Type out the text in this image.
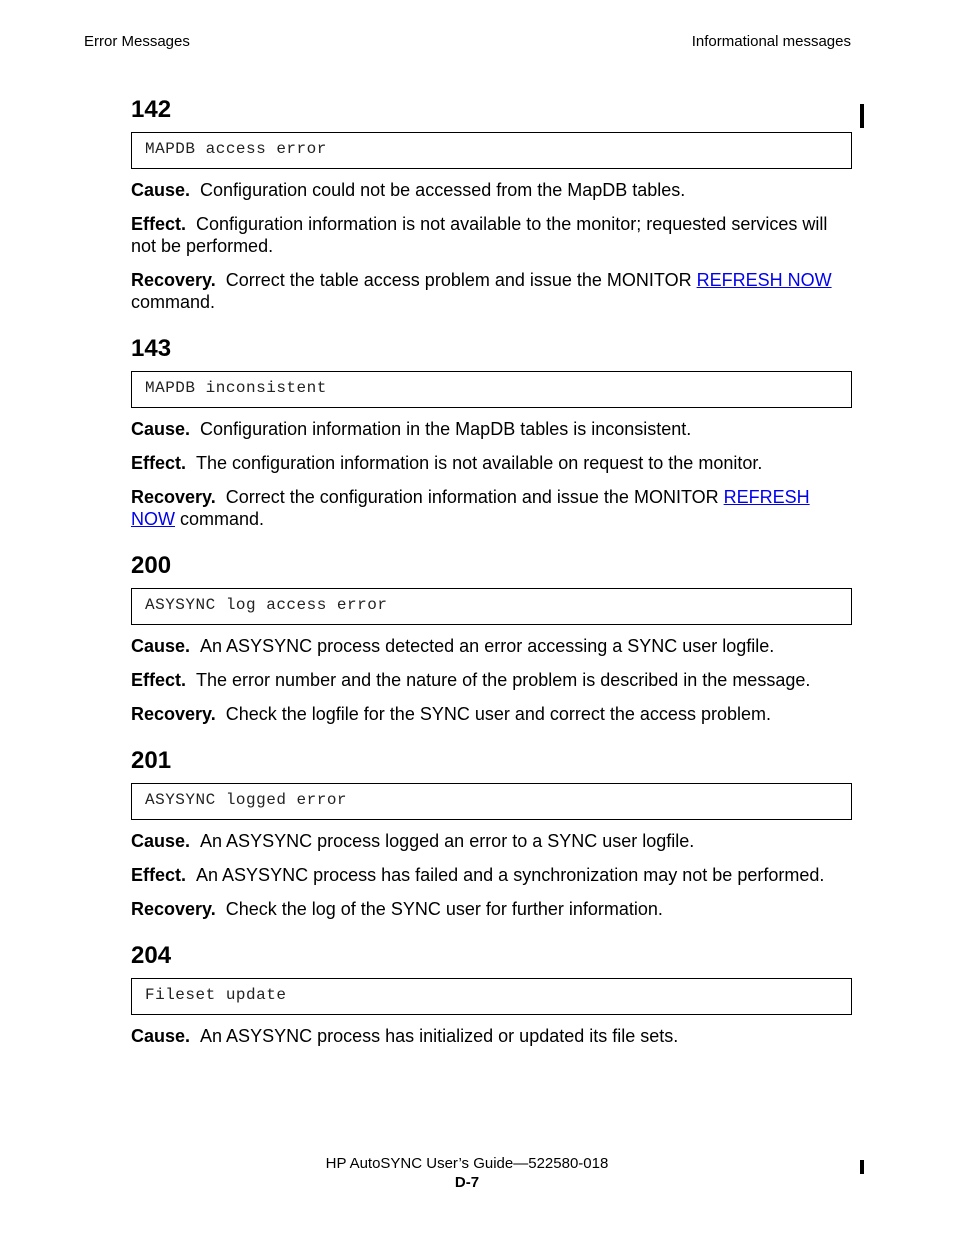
Error Messages	Informational messages
142
MAPDB access error

Cause. Configuration could not be accessed from the MapDB tables.

Effect. Configuration information is not available to the monitor; requested services will not be performed.

Recovery. Correct the table access problem and issue the MONITOR REFRESH NOW command.

143
MAPDB inconsistent

Cause. Configuration information in the MapDB tables is inconsistent.

Effect. The configuration information is not available on request to the monitor.

Recovery. Correct the configuration information and issue the MONITOR REFRESH NOW command.

200
ASYSYNC log access error

Cause. An ASYSYNC process detected an error accessing a SYNC user logfile.

Effect. The error number and the nature of the problem is described in the message.

Recovery. Check the logfile for the SYNC user and correct the access problem.

201
ASYSYNC logged error

Cause. An ASYSYNC process logged an error to a SYNC user logfile.

Effect. An ASYSYNC process has failed and a synchronization may not be performed.

Recovery. Check the log of the SYNC user for further information.

204
Fileset update

Cause. An ASYSYNC process has initialized or updated its file sets.

HP AutoSYNC User’s Guide—522580-018
D-7
